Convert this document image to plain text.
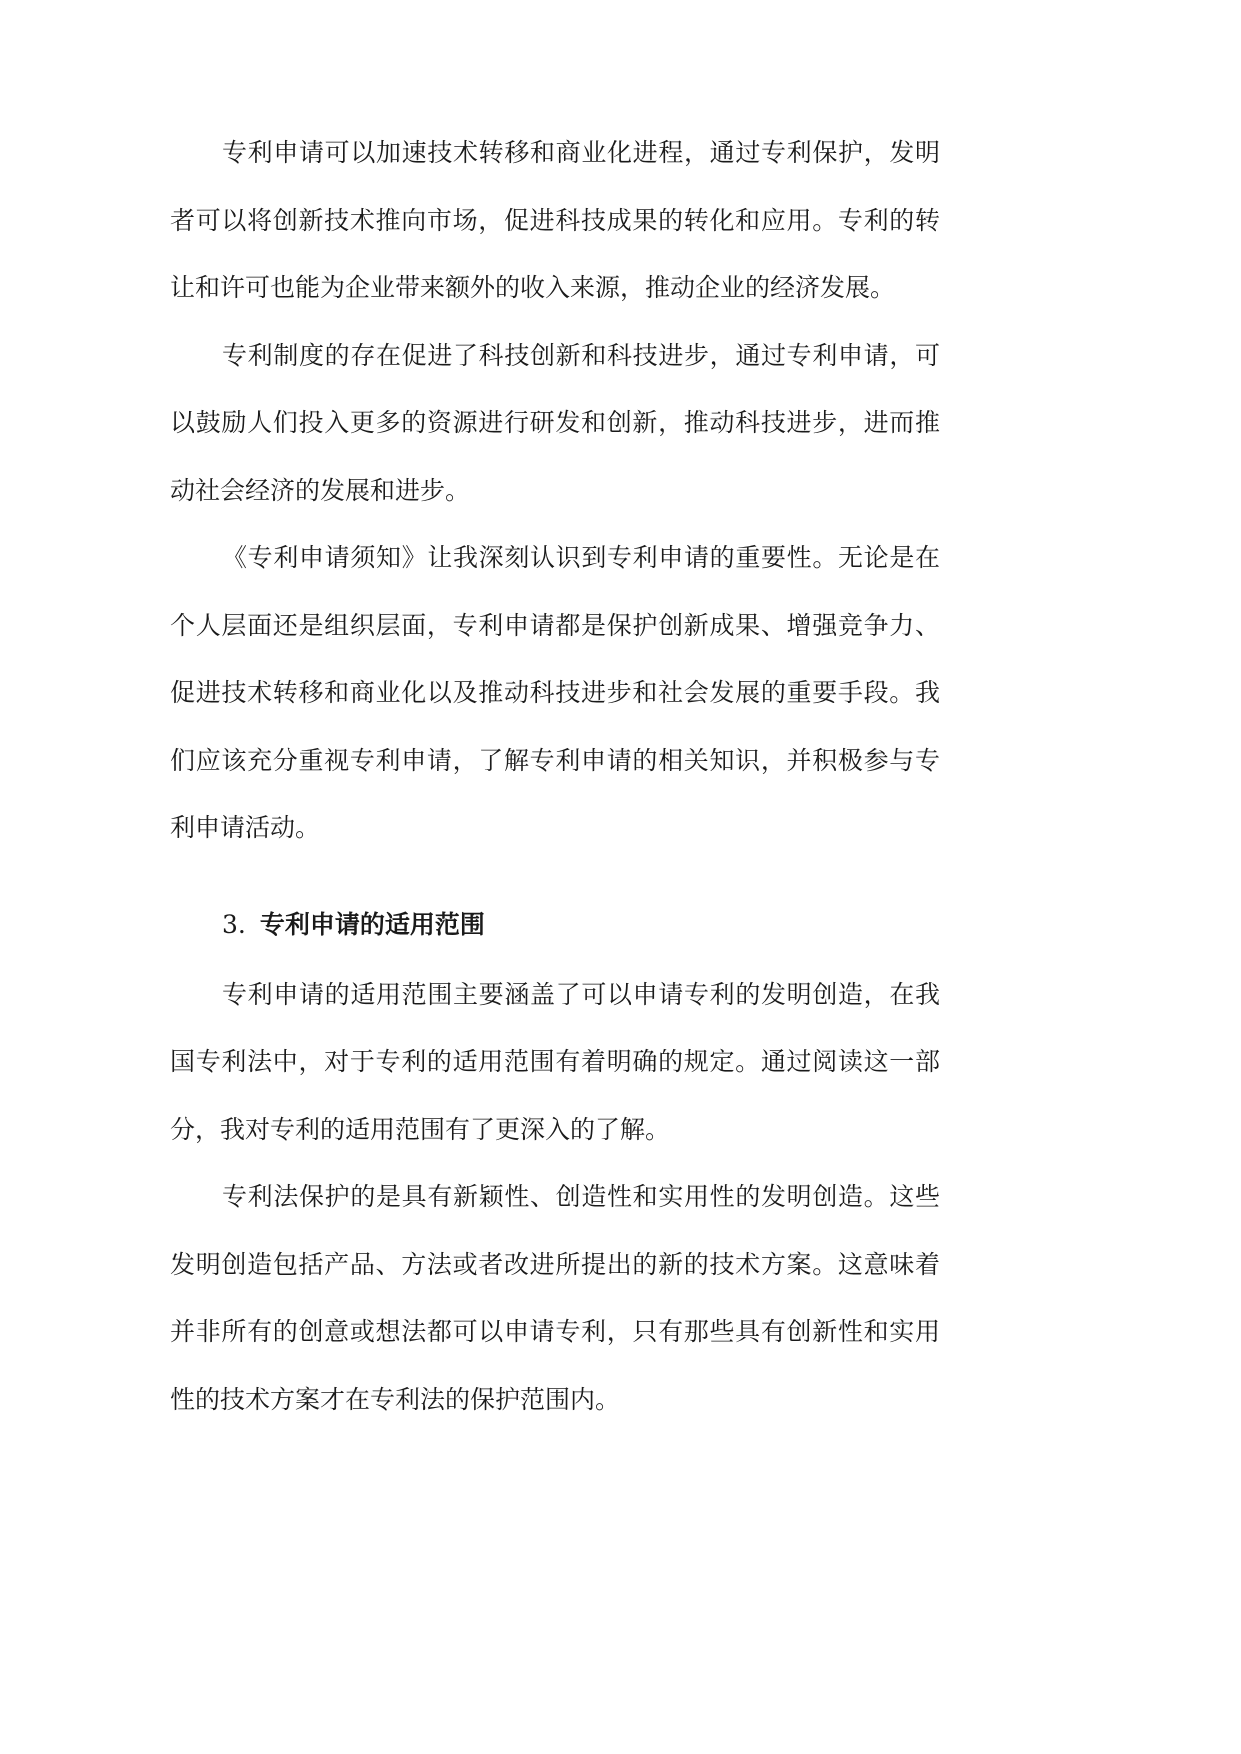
专利申请可以加速技术转移和商业化进程，通过专利保护，发明
者可以将创新技术推向市场，促进科技成果的转化和应用。专利的转
让和许可也能为企业带来额外的收入来源，推动企业的经济发展。
专利制度的存在促进了科技创新和科技进步，通过专利申请，可
以鼓励人们投入更多的资源进行研发和创新，推动科技进步，进而推
动社会经济的发展和进步。
《专利申请须知》让我深刻认识到专利申请的重要性。无论是在
个人层面还是组织层面，专利申请都是保护创新成果、增强竞争力、
促进技术转移和商业化以及推动科技进步和社会发展的重要手段。我
们应该充分重视专利申请，了解专利申请的相关知识，并积极参与专
利申请活动。
3. 专利申请的适用范围
专利申请的适用范围主要涵盖了可以申请专利的发明创造，在我
国专利法中，对于专利的适用范围有着明确的规定。通过阅读这一部
分，我对专利的适用范围有了更深入的了解。
专利法保护的是具有新颖性、创造性和实用性的发明创造。这些
发明创造包括产品、方法或者改进所提出的新的技术方案。这意味着
并非所有的创意或想法都可以申请专利，只有那些具有创新性和实用
性的技术方案才在专利法的保护范围内。
